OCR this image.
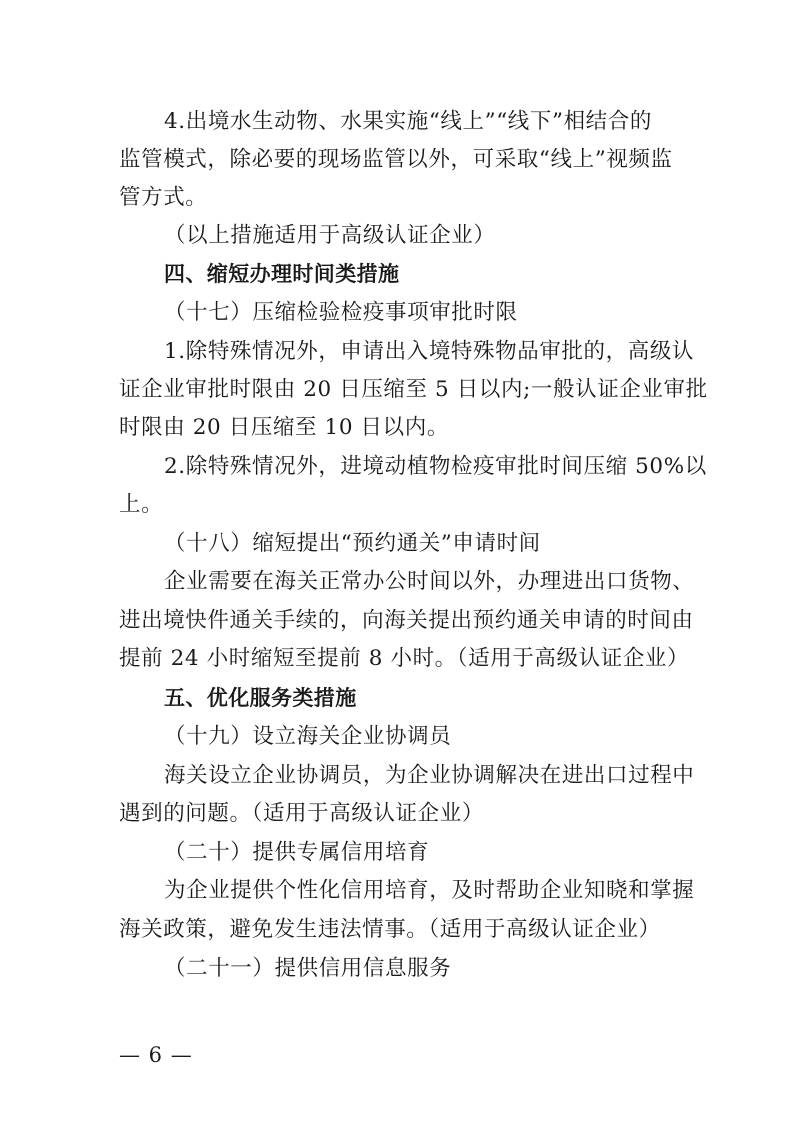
4.出境水生动物、水果实施“线上”“线下”相结合的
监管模式，除必要的现场监管以外，可采取“线上”视频监
管方式。
（以上措施适用于高级认证企业）
四、缩短办理时间类措施
（十七）压缩检验检疫事项审批时限
1.除特殊情况外，申请出入境特殊物品审批的，高级认
证企业审批时限由 20 日压缩至 5 日以内;一般认证企业审批
时限由 20 日压缩至 10 日以内。
2.除特殊情况外，进境动植物检疫审批时间压缩 50%以
上。
（十八）缩短提出“预约通关”申请时间
企业需要在海关正常办公时间以外，办理进出口货物、
进出境快件通关手续的，向海关提出预约通关申请的时间由
提前 24 小时缩短至提前 8 小时。（适用于高级认证企业）
五、优化服务类措施
（十九）设立海关企业协调员
海关设立企业协调员，为企业协调解决在进出口过程中
遇到的问题。（适用于高级认证企业）
（二十）提供专属信用培育
为企业提供个性化信用培育，及时帮助企业知晓和掌握
海关政策，避免发生违法情事。（适用于高级认证企业）
（二十一）提供信用信息服务
— 6 —
